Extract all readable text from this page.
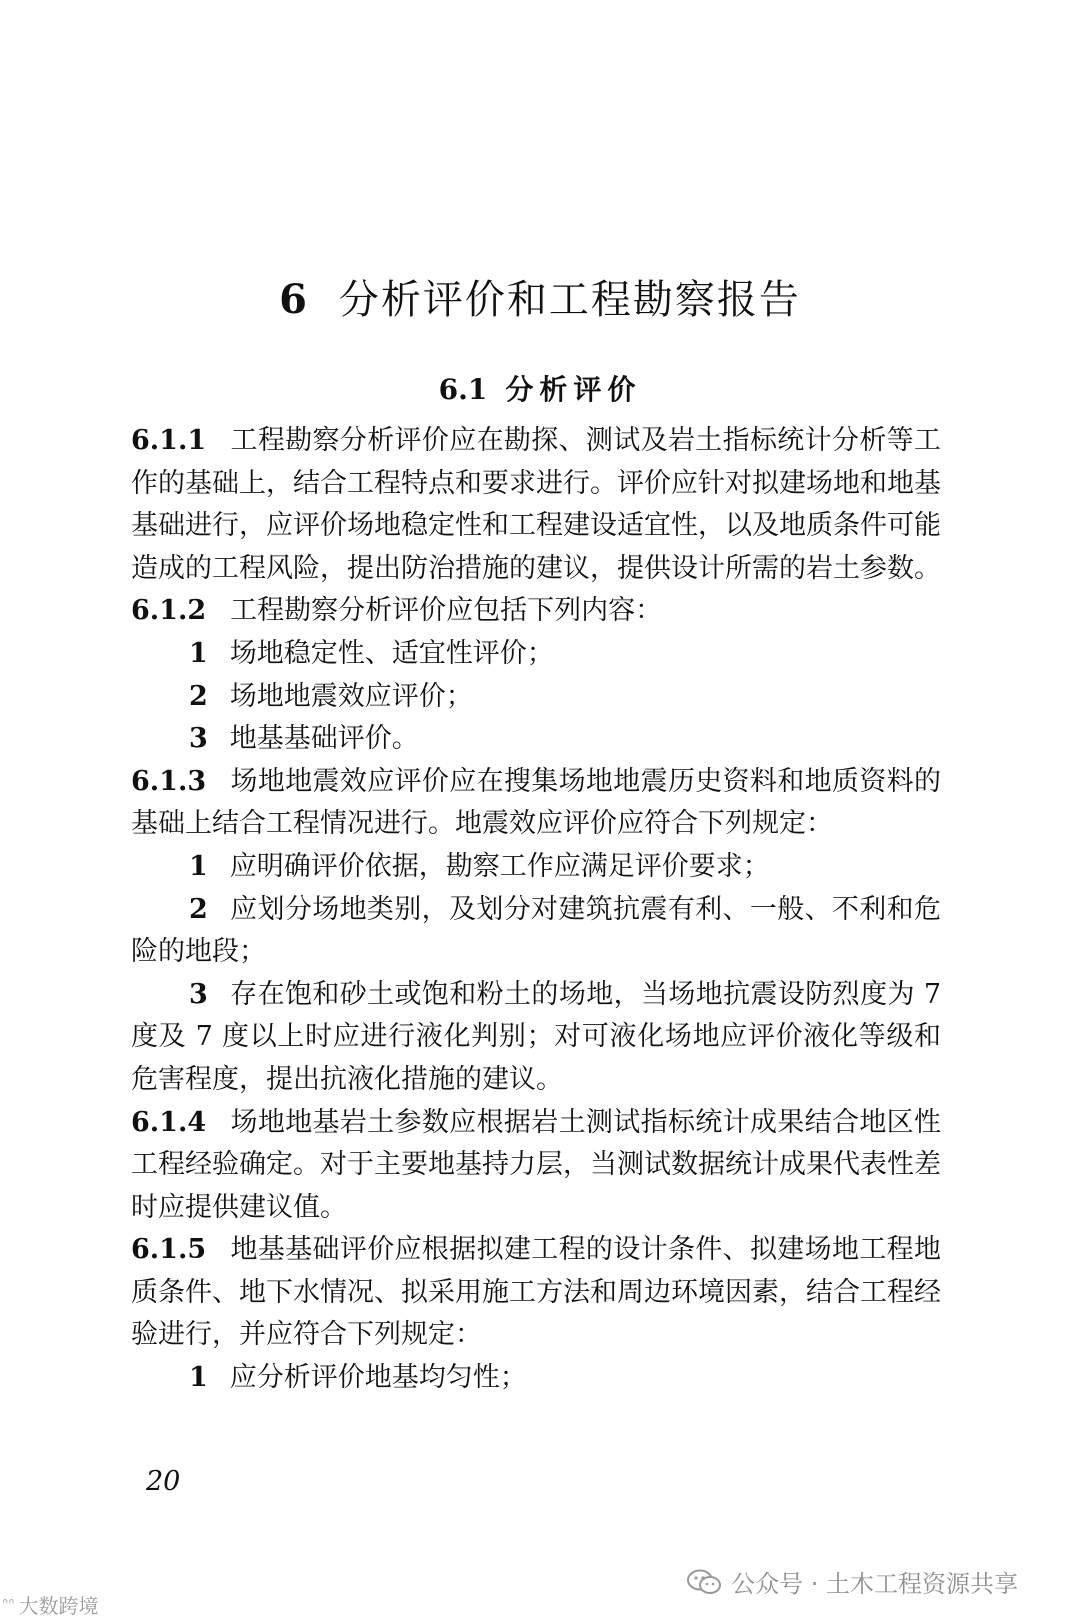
6 分析评价和工程勘察报告
6.1 分析评价

6.1.1 工程勘察分析评价应在勘探、测试及岩土指标统计分析等工作的基础上，结合工程特点和要求进行。评价应针对拟建场地和地基基础进行，应评价场地稳定性和工程建设适宜性，以及地质条件可能造成的工程风险，提出防治措施的建议，提供设计所需的岩土参数。

6.1.2 工程勘察分析评价应包括下列内容：

1 场地稳定性、适宜性评价；

2 场地地震效应评价；

3 地基基础评价。

6.1.3 场地地震效应评价应在搜集场地地震历史资料和地质资料的基础上结合工程情况进行。地震效应评价应符合下列规定：

1 应明确评价依据，勘察工作应满足评价要求；

2 应划分场地类别，及划分对建筑抗震有利、一般、不利和危险的地段；

3 存在饱和砂土或饱和粉土的场地，当场地抗震设防烈度为 7 度及 7 度以上时应进行液化判别；对可液化场地应评价液化等级和危害程度，提出抗液化措施的建议。

6.1.4 场地地基岩土参数应根据岩土测试指标统计成果结合地区性工程经验确定。对于主要地基持力层，当测试数据统计成果代表性差时应提供建议值。

6.1.5 地基基础评价应根据拟建工程的设计条件、拟建场地工程地质条件、地下水情况、拟采用施工方法和周边环境因素，结合工程经验进行，并应符合下列规定：

1 应分析评价地基均匀性；

20
ᐢᐢ 大数跨境
公众号 · 土木工程资源共享
